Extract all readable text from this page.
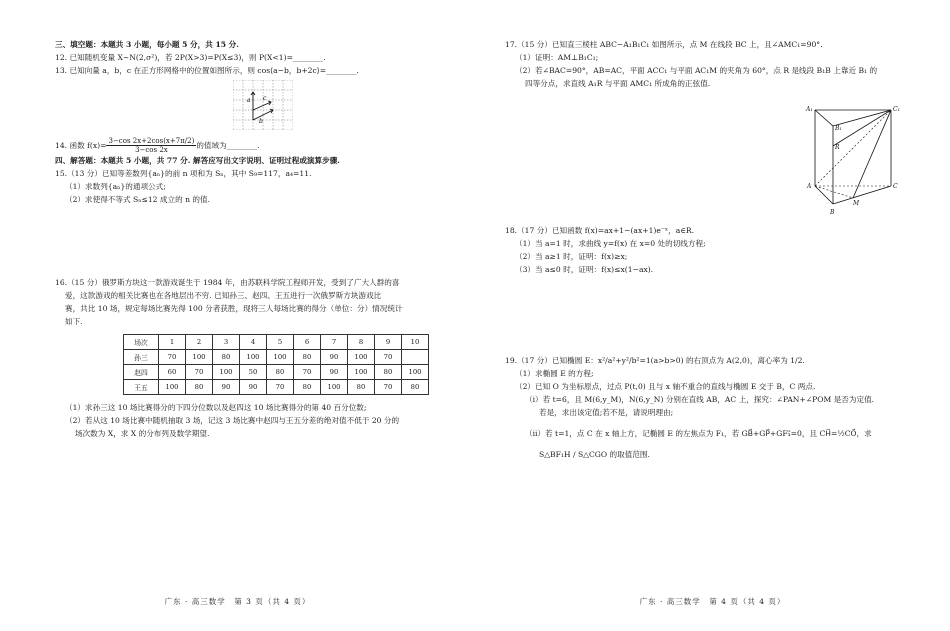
三、填空题：本题共 3 小题，每小题 5 分，共 15 分.

12. 已知随机变量 X∼N(2,σ²)，若 2P(X>3)=P(X≤3)，则 P(X<1)=________.

13. 已知向量 a，b，c 在正方形网格中的位置如图所示，则 cos⟨a−b，b+2c⟩=________.

a c
b
14. 函数 $f(x)= \frac{3-\cos 2x+2\cos(x+7\pi/2)}{3-\cos 2x}$ 的值域为________.

四、解答题：本题共 5 小题，共 77 分. 解答应写出文字说明、证明过程或演算步骤.

15.（13 分）已知等差数列{aₙ}的前 n 项和为 Sₙ，其中 S₉=117，a₄=11.

（1）求数列{aₙ}的通项公式;

（2）求使得不等式 Sₙ≤12 成立的 n 的值.

16.（15 分）俄罗斯方块这一款游戏诞生于 1984 年，由苏联科学院工程师开发，受到了广大人群的喜

爱，这款游戏的相关比赛也在各地层出不穷. 已知孙三、赵四、王五进行一次俄罗斯方块游戏比

赛，共比 10 场，规定每场比赛先得 100 分者获胜，现将三人每场比赛的得分（单位：分）情况统计

如下.

场次	1	2	3	4	5	6	7	8	9	10
孙三	70	100	80	100	100	80	90	100	70	
赵四	60	70	100	50	80	70	90	100	80	100
王五	100	80	90	90	70	80	100	80	70	80

（1）求孙三这 10 场比赛得分的下四分位数以及赵四这 10 场比赛得分的第 40 百分位数;

（2）若从这 10 场比赛中随机抽取 3 场，记这 3 场比赛中赵四与王五分差的绝对值不低于 20 分的

场次数为 X，求 X 的分布列及数学期望.

广东 · 高三数学　第 3 页（共 4 页）

17.（15 分）已知直三棱柱 ABC−A₁B₁C₁ 如图所示，点 M 在线段 BC 上，且∠AMC₁=90°.

（1）证明：AM⊥B₁C₁;

（2）若∠BAC=90°，AB=AC，平面 ACC₁ 与平面 AC₁M 的夹角为 60°，点 R 是线段 B₁B 上靠近 B₁ 的

四等分点，求直线 A₁R 与平面 AMC₁ 所成角的正弦值.

A₁	C₁
B₁
R
A	C
M
B

18.（17 分）已知函数 f(x)=ax+1−(ax+1)e⁻ˣ，a∈R.

（1）当 a=1 时，求曲线 y=f(x) 在 x=0 处的切线方程;

（2）当 a≥1 时，证明：f(x)≥x;

（3）当 a≤0 时，证明：f(x)≤x(1−ax).

19.（17 分）已知椭圆 E：x²/a²+y²/b²=1(a>b>0) 的右顶点为 A(2,0)，离心率为 1/2.

（1）求椭圆 E 的方程;

（2）已知 O 为坐标原点，过点 P(t,0) 且与 x 轴不重合的直线与椭圆 E 交于 B，C 两点.

（i）若 t=6，且 M(6,y_M)，N(6,y_N) 分别在直线 AB，AC 上，探究：∠PAN+∠POM 是否为定值.

若是，求出该定值;若不是，请说明理由;

（ii）若 t=1，点 C 在 x 轴上方，记椭圆 E 的左焦点为 F₁，若 GB⃗+GP⃗+GF₁⃗=0，且 CH⃗=½CO⃗，求

S△BF₁H / S△CGO 的取值范围.

广东 · 高三数学　第 4 页（共 4 页）
